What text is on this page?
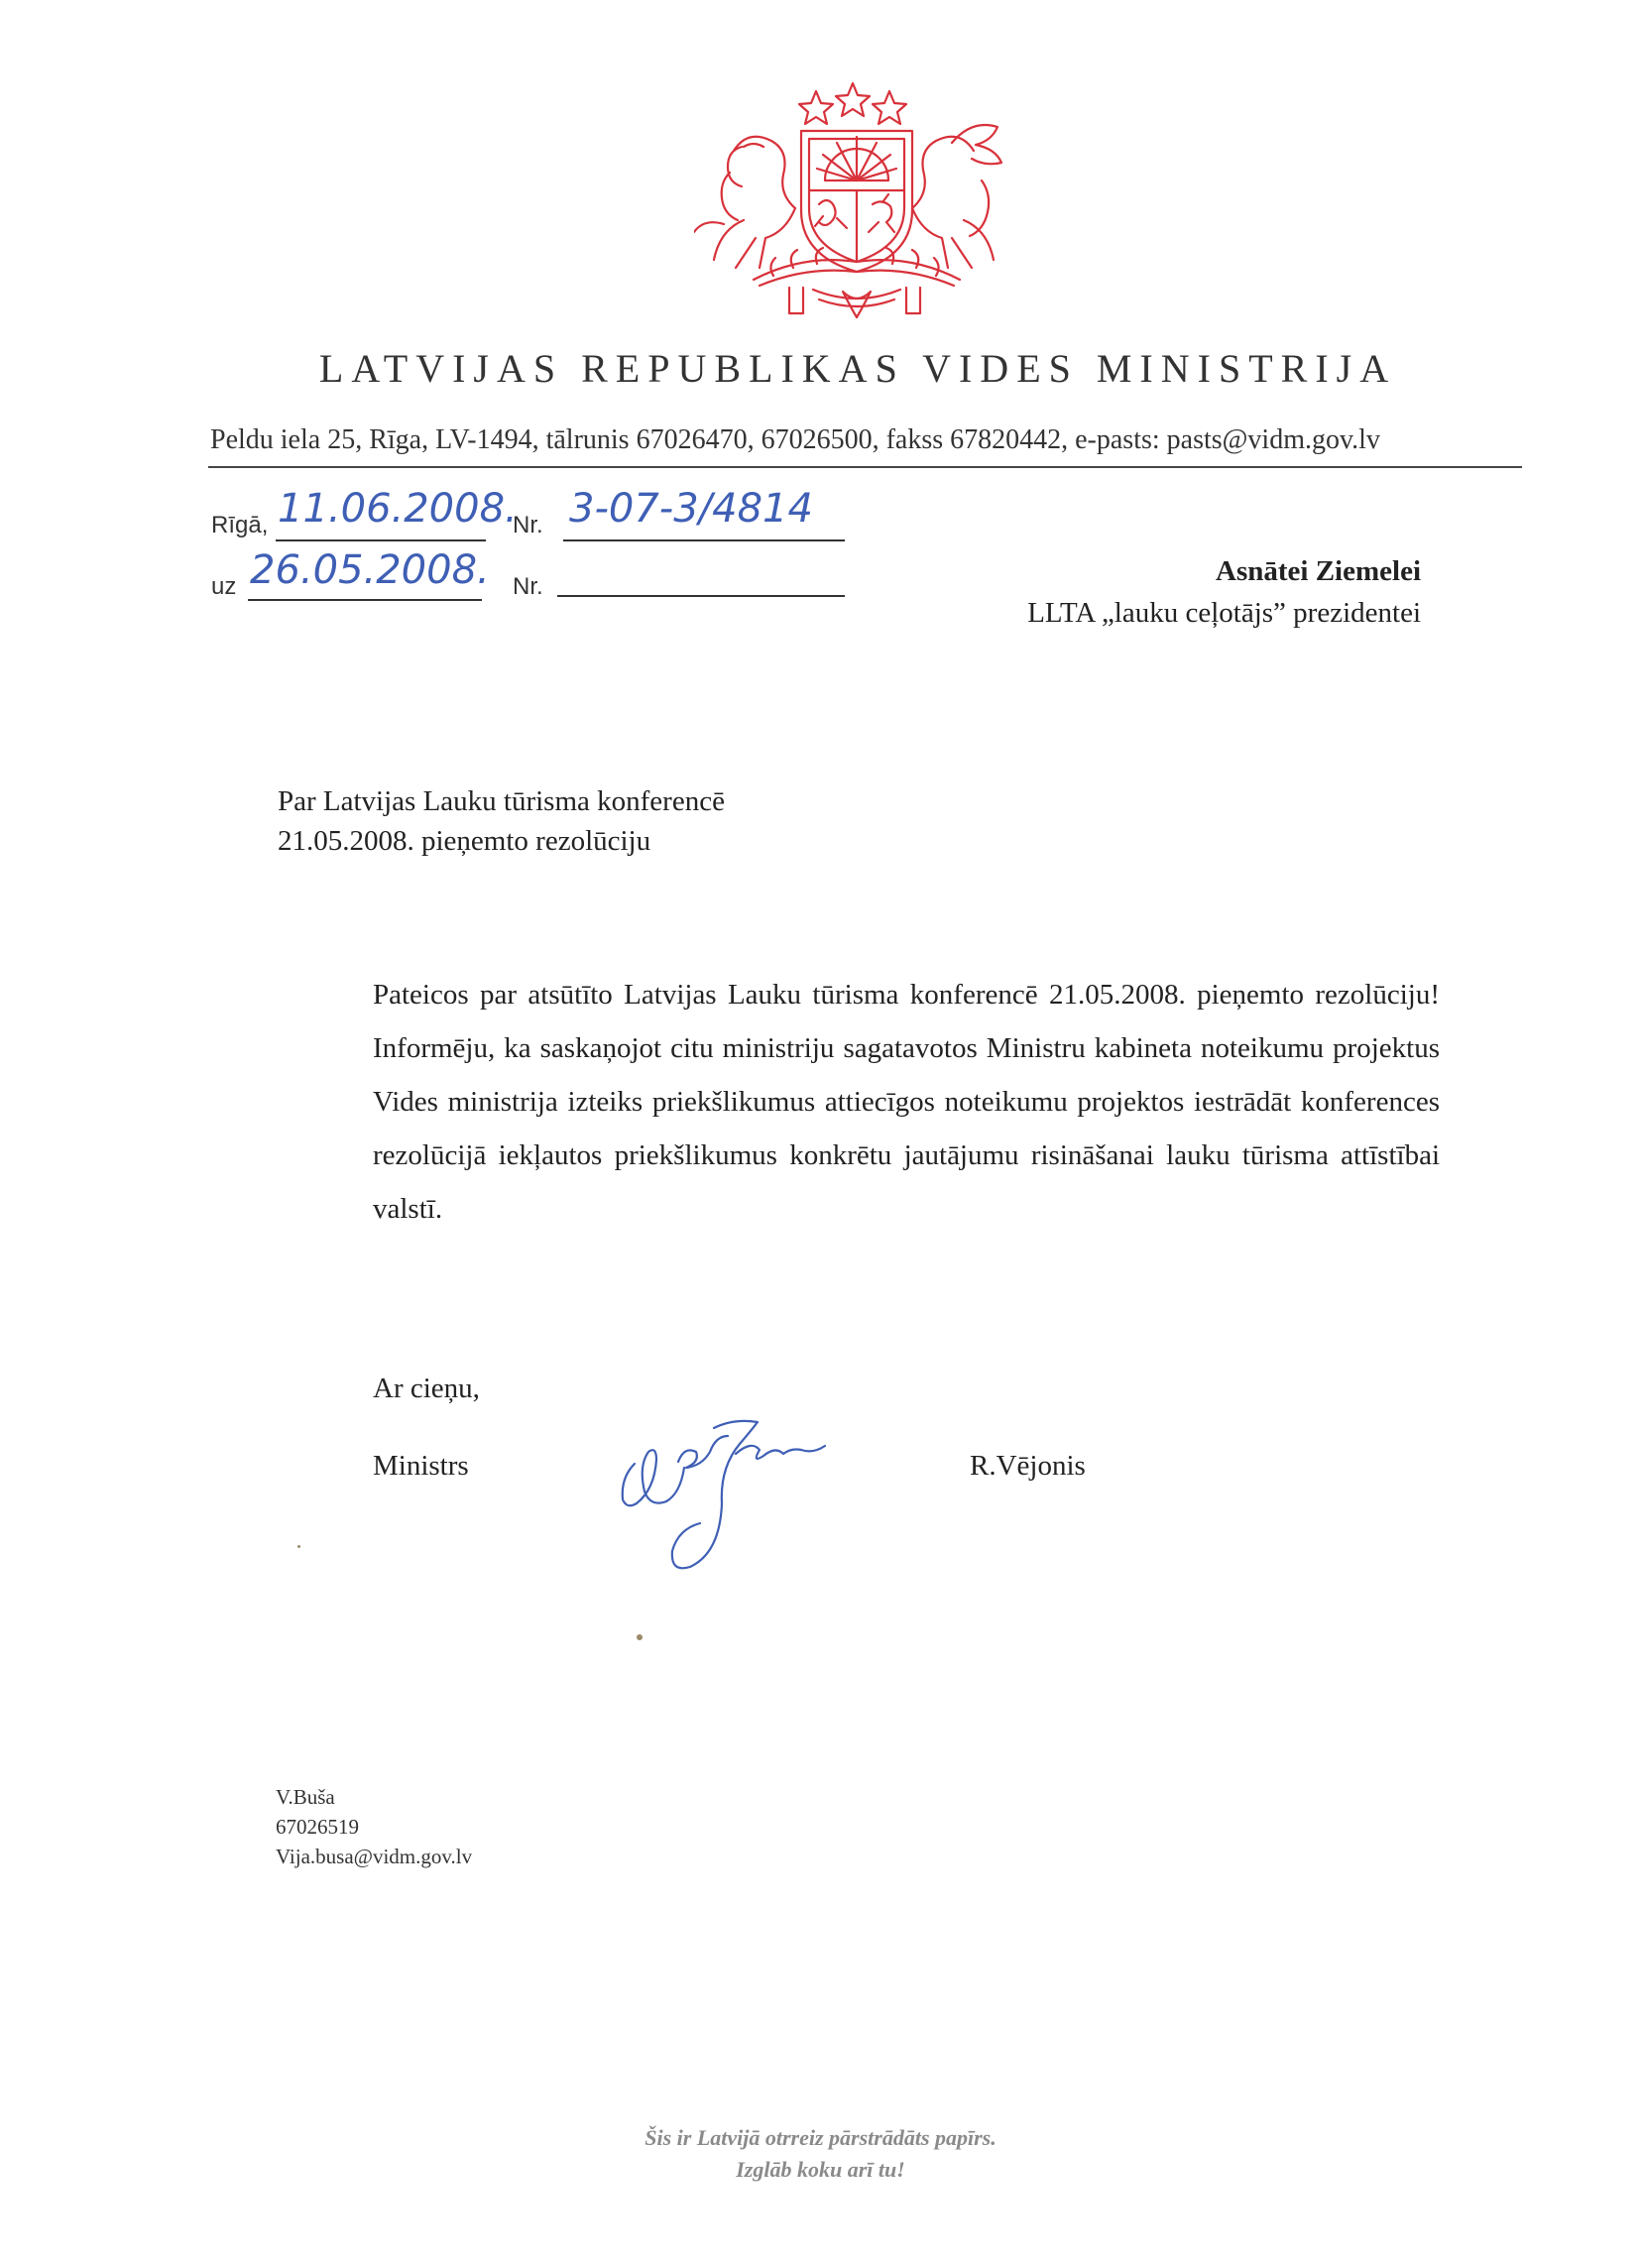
LATVIJAS REPUBLIKAS VIDES MINISTRIJA
Peldu iela 25, Rīga, LV-1494, tālrunis 67026470, 67026500, fakss 67820442, e-pasts: pasts@vidm.gov.lv
Rīgā, 11.06.2008.
Nr. 3-07-3/4814
uz 26.05.2008. Nr.	Asnātei Ziemelei
LLTA „lauku ceļotājs” prezidentei
Par Latvijas Lauku tūrisma konferencē
21.05.2008. pieņemto rezolūciju

Pateicos par atsūtīto Latvijas Lauku tūrisma konferencē 21.05.2008. pieņemto rezolūciju! Informēju, ka saskaņojot citu ministriju sagatavotos Ministru kabineta noteikumu projektus Vides ministrija izteiks priekšlikumus attiecīgos noteikumu projektos iestrādāt konferences rezolūcijā iekļautos priekšlikumus konkrētu jautājumu risināšanai lauku tūrisma attīstībai valstī.

Ar cieņu,
Ministrs	R.Vējonis
V.Buša
67026519
Vija.busa@vidm.gov.lv
Šis ir Latvijā otrreiz pārstrādāts papīrs.
Izglāb koku arī tu!
